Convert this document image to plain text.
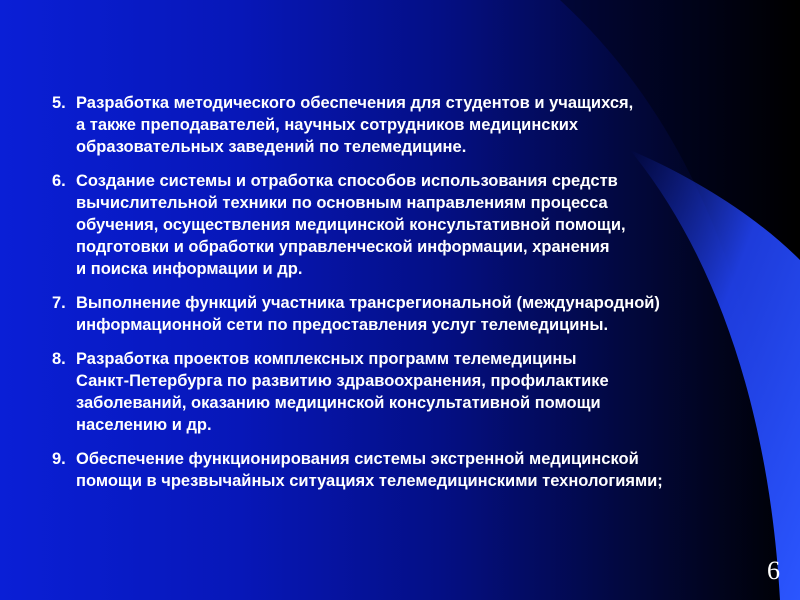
5. Разработка методического обеспечения для студентов и учащихся,
а также преподавателей, научных сотрудников медицинских
образовательных заведений по телемедицине.
6. Создание системы и отработка способов использования средств
вычислительной техники по основным направлениям процесса
обучения, осуществления медицинской консультативной помощи,
подготовки и обработки управленческой информации, хранения
и поиска информации и др.
7. Выполнение функций участника трансрегиональной (международной)
информационной сети по предоставления услуг телемедицины.
8. Разработка проектов комплексных программ телемедицины
Санкт-Петербурга по развитию здравоохранения, профилактике
заболеваний, оказанию медицинской консультативной помощи
населению и др.
9. Обеспечение функционирования системы экстренной медицинской
помощи в чрезвычайных ситуациях телемедицинскими технологиями;
6
